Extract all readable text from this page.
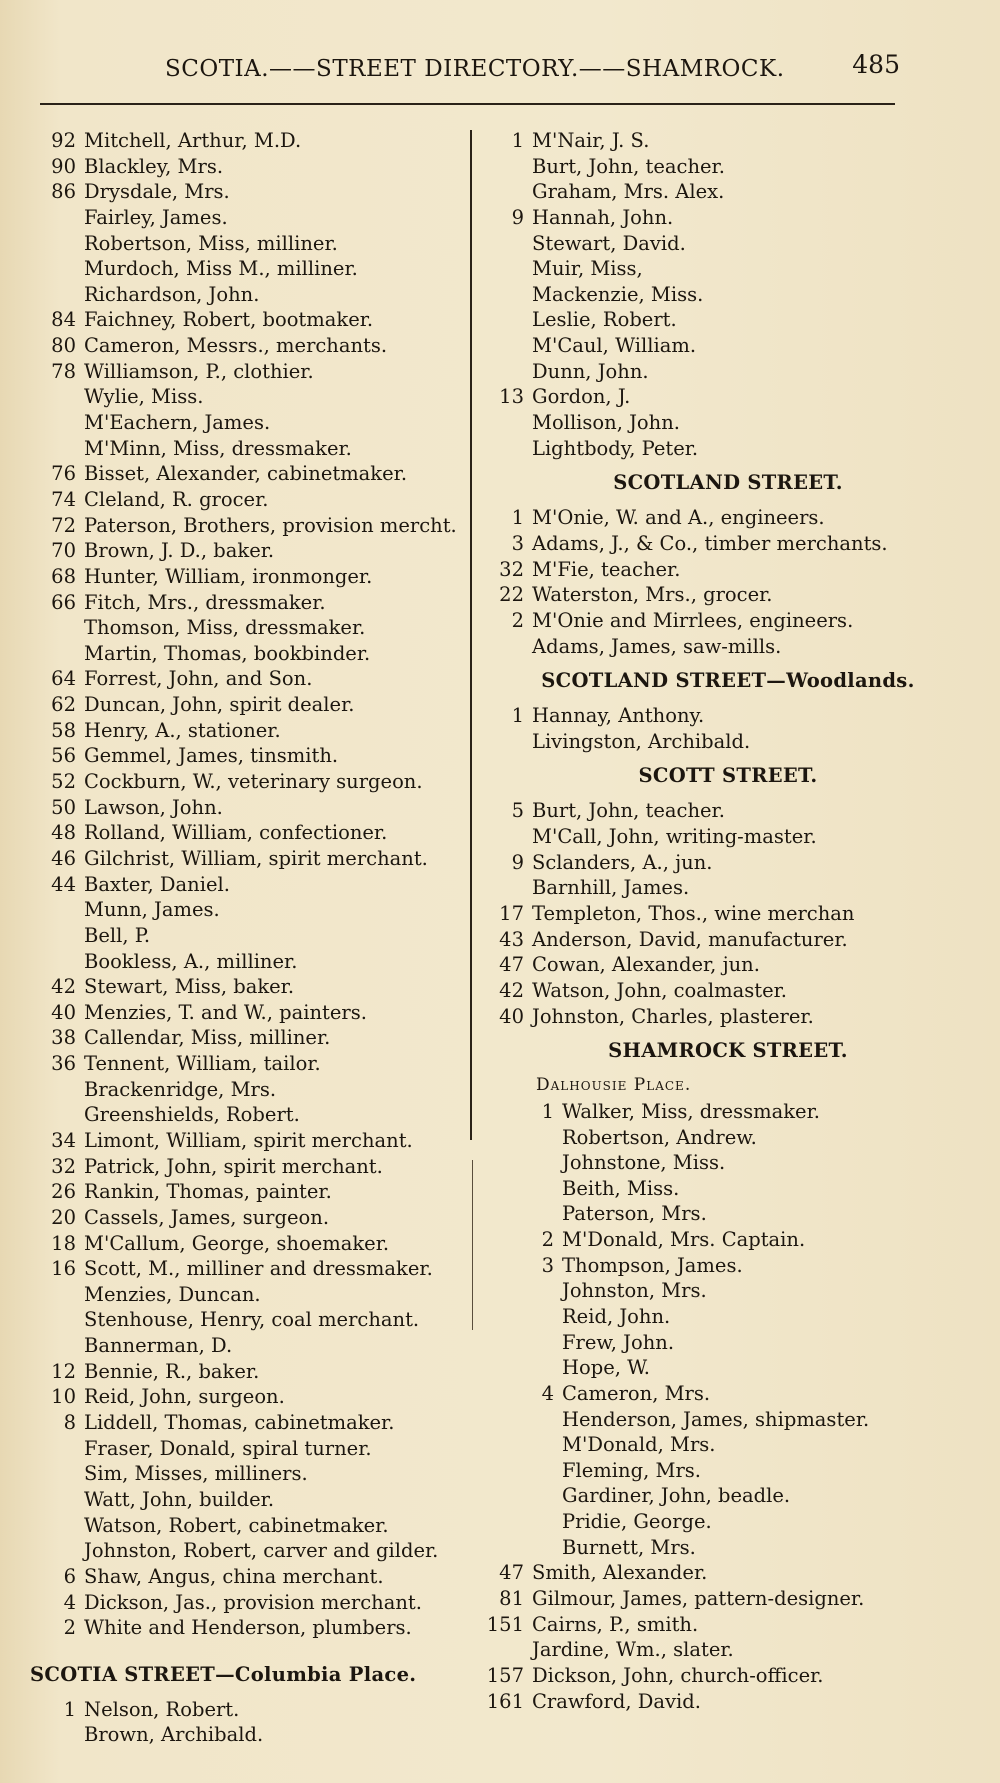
SCOTIA.——STREET DIRECTORY.——SHAMROCK.	485
92 Mitchell, Arthur, M.D.
90 Blackley, Mrs.
86 Drysdale, Mrs.
Fairley, James.
Robertson, Miss, milliner.
Murdoch, Miss M., milliner.
Richardson, John.
84 Faichney, Robert, bootmaker.
80 Cameron, Messrs., merchants.
78 Williamson, P., clothier.
Wylie, Miss.
M'Eachern, James.
M'Minn, Miss, dressmaker.
76 Bisset, Alexander, cabinetmaker.
74 Cleland, R. grocer.
72 Paterson, Brothers, provision mercht.
70 Brown, J. D., baker.
68 Hunter, William, ironmonger.
66 Fitch, Mrs., dressmaker.
Thomson, Miss, dressmaker.
Martin, Thomas, bookbinder.
64 Forrest, John, and Son.
62 Duncan, John, spirit dealer.
58 Henry, A., stationer.
56 Gemmel, James, tinsmith.
52 Cockburn, W., veterinary surgeon.
50 Lawson, John.
48 Rolland, William, confectioner.
46 Gilchrist, William, spirit merchant.
44 Baxter, Daniel.
Munn, James.
Bell, P.
Bookless, A., milliner.
42 Stewart, Miss, baker.
40 Menzies, T. and W., painters.
38 Callendar, Miss, milliner.
36 Tennent, William, tailor.
Brackenridge, Mrs.
Greenshields, Robert.
34 Limont, William, spirit merchant.
32 Patrick, John, spirit merchant.
26 Rankin, Thomas, painter.
20 Cassels, James, surgeon.
18 M'Callum, George, shoemaker.
16 Scott, M., milliner and dressmaker.
Menzies, Duncan.
Stenhouse, Henry, coal merchant.
Bannerman, D.
12 Bennie, R., baker.
10 Reid, John, surgeon.
8 Liddell, Thomas, cabinetmaker.
Fraser, Donald, spiral turner.
Sim, Misses, milliners.
Watt, John, builder.
Watson, Robert, cabinetmaker.
Johnston, Robert, carver and gilder.
6 Shaw, Angus, china merchant.
4 Dickson, Jas., provision merchant.
2 White and Henderson, plumbers.
SCOTIA STREET—Columbia Place.
1 Nelson, Robert.
Brown, Archibald.
1 M'Nair, J. S.
Burt, John, teacher.
Graham, Mrs. Alex.
9 Hannah, John.
Stewart, David.
Muir, Miss,
Mackenzie, Miss.
Leslie, Robert.
M'Caul, William.
Dunn, John.
13 Gordon, J.
Mollison, John.
Lightbody, Peter.
SCOTLAND STREET.
1 M'Onie, W. and A., engineers.
3 Adams, J., & Co., timber merchants.
32 M'Fie, teacher.
22 Waterston, Mrs., grocer.
2 M'Onie and Mirrlees, engineers.
Adams, James, saw-mills.
SCOTLAND STREET—Woodlands.
1 Hannay, Anthony.
Livingston, Archibald.
SCOTT STREET.
5 Burt, John, teacher.
M'Call, John, writing-master.
9 Sclanders, A., jun.
Barnhill, James.
17 Templeton, Thos., wine merchan
43 Anderson, David, manufacturer.
47 Cowan, Alexander, jun.
42 Watson, John, coalmaster.
40 Johnston, Charles, plasterer.
SHAMROCK STREET.
Dalhousie Place.
1 Walker, Miss, dressmaker.
Robertson, Andrew.
Johnstone, Miss.
Beith, Miss.
Paterson, Mrs.
2 M'Donald, Mrs. Captain.
3 Thompson, James.
Johnston, Mrs.
Reid, John.
Frew, John.
Hope, W.
4 Cameron, Mrs.
Henderson, James, shipmaster.
M'Donald, Mrs.
Fleming, Mrs.
Gardiner, John, beadle.
Pridie, George.
Burnett, Mrs.
47 Smith, Alexander.
81 Gilmour, James, pattern-designer.
151 Cairns, P., smith.
Jardine, Wm., slater.
157 Dickson, John, church-officer.
161 Crawford, David.
